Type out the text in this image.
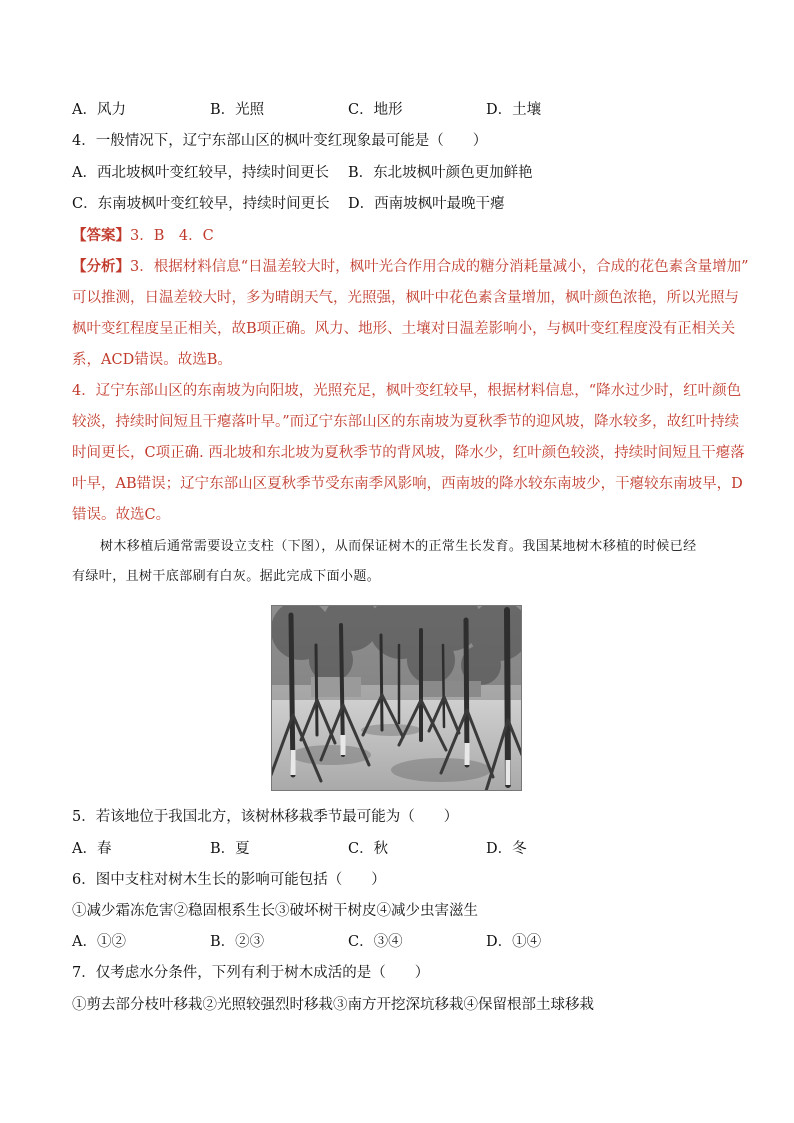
A．风力	B．光照	C．地形	D．土壤
4．一般情况下，辽宁东部山区的枫叶变红现象最可能是（　　）
A．西北坡枫叶变红较早，持续时间更长 B．东北坡枫叶颜色更加鲜艳
C．东南坡枫叶变红较早，持续时间更长 D．西南坡枫叶最晚干瘪
【答案】3．B　4．C
【分析】3．根据材料信息“日温差较大时，枫叶光合作用合成的糖分消耗量减小，合成的花色素含量增加”
可以推测，日温差较大时，多为晴朗天气，光照强，枫叶中花色素含量增加，枫叶颜色浓艳，所以光照与
枫叶变红程度呈正相关，故B项正确。风力、地形、土壤对日温差影响小，与枫叶变红程度没有正相关关
系，ACD错误。故选B。
4．辽宁东部山区的东南坡为向阳坡，光照充足，枫叶变红较早，根据材料信息，“降水过少时，红叶颜色
较淡，持续时间短且干瘪落叶早。”而辽宁东部山区的东南坡为夏秋季节的迎风坡，降水较多，故红叶持续
时间更长，C项正确. 西北坡和东北坡为夏秋季节的背风坡，降水少，红叶颜色较淡，持续时间短且干瘪落
叶早，AB错误；辽宁东部山区夏秋季节受东南季风影响，西南坡的降水较东南坡少，干瘪较东南坡早，D
错误。故选C。
树木移植后通常需要设立支柱（下图），从而保证树木的正常生长发育。我国某地树木移植的时候已经
有绿叶，且树干底部刷有白灰。据此完成下面小题。
5．若该地位于我国北方，该树林移栽季节最可能为（　　）
A．春	B．夏	C．秋	D．冬
6．图中支柱对树木生长的影响可能包括（　　）
①减少霜冻危害②稳固根系生长③破坏树干树皮④减少虫害滋生
A．①②	B．②③	C．③④	D．①④
7．仅考虑水分条件，下列有利于树木成活的是（　　）
①剪去部分枝叶移栽②光照较强烈时移栽③南方开挖深坑移栽④保留根部土球移栽
